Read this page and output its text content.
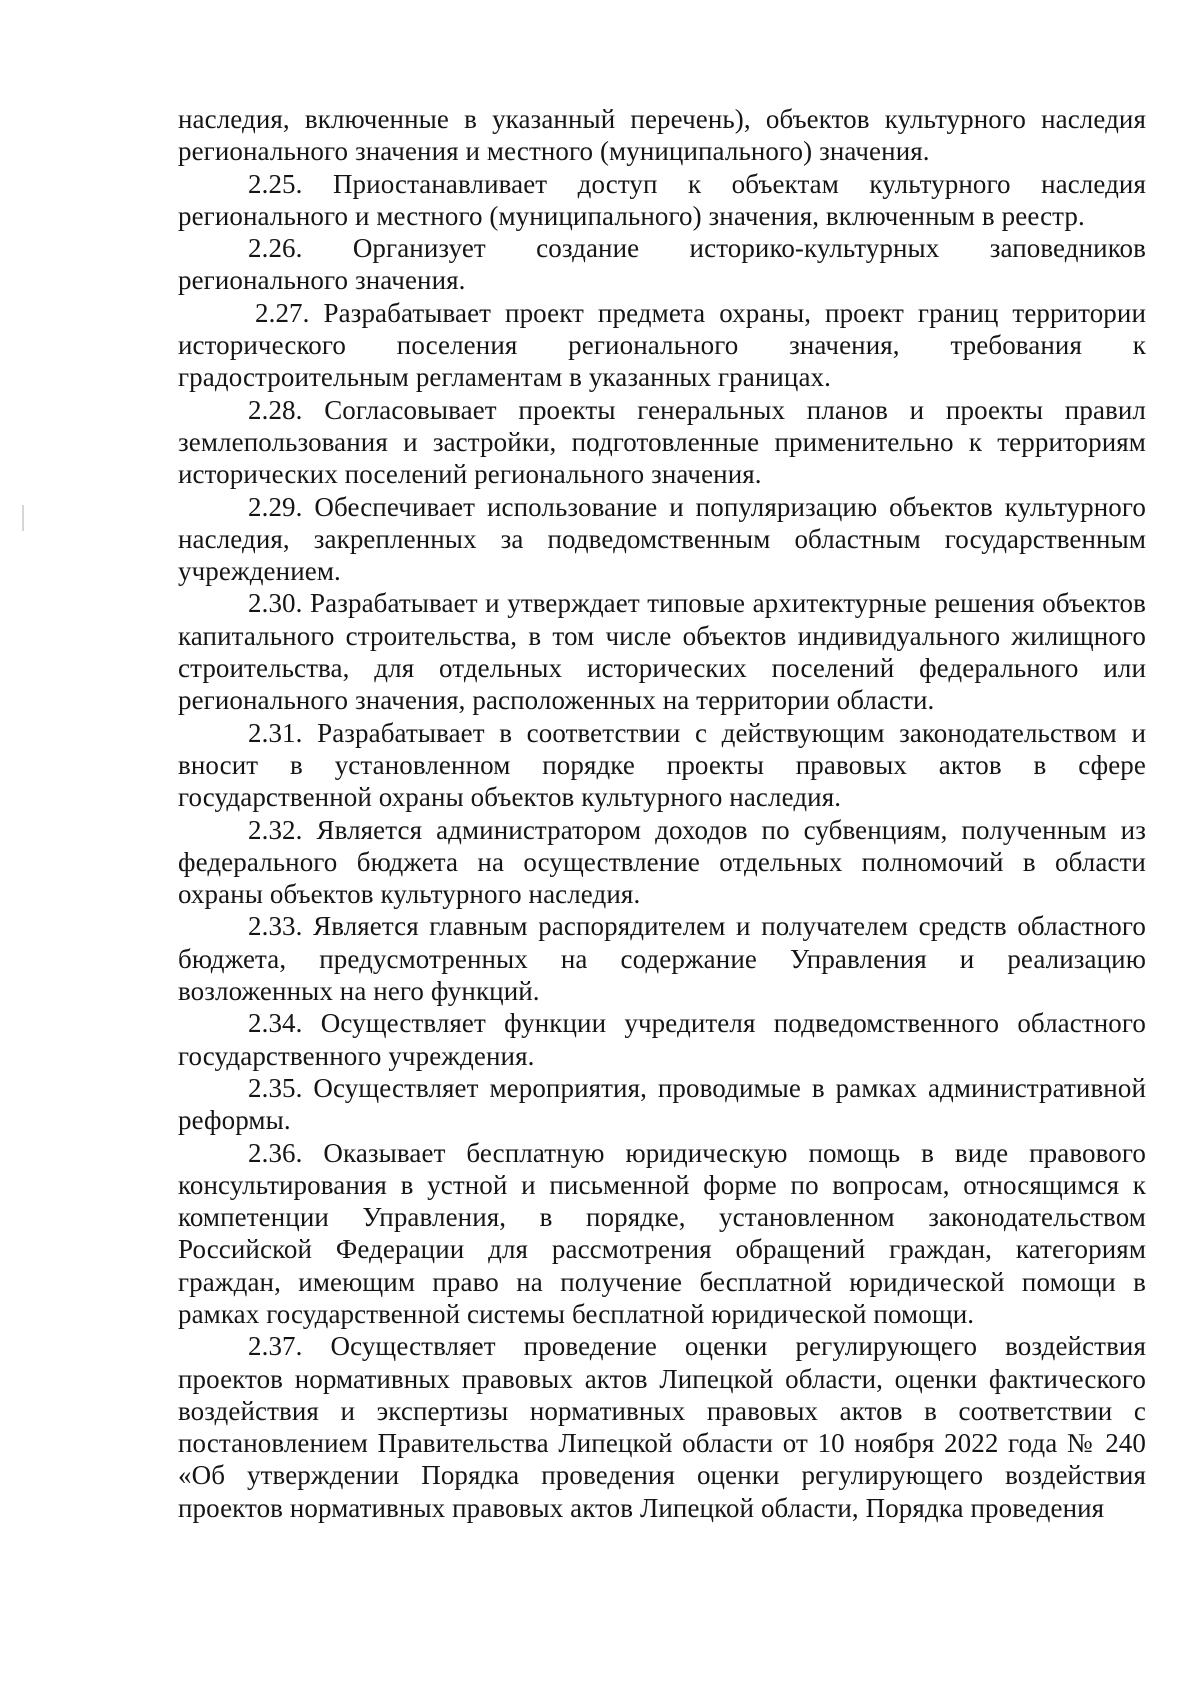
наследия, включенные в указанный перечень), объектов культурного наследия регионального значения и местного (муниципального) значения.

2.25. Приостанавливает доступ к объектам культурного наследия регионального и местного (муниципального) значения, включенным в реестр.

2.26. Организует создание историко-культурных заповедников регионального значения.

2.27. Разрабатывает проект предмета охраны, проект границ территории исторического поселения регионального значения, требования к градостроительным регламентам в указанных границах.

2.28. Согласовывает проекты генеральных планов и проекты правил землепользования и застройки, подготовленные применительно к территориям исторических поселений регионального значения.

2.29. Обеспечивает использование и популяризацию объектов культурного наследия, закрепленных за подведомственным областным государственным учреждением.

2.30. Разрабатывает и утверждает типовые архитектурные решения объектов капитального строительства, в том числе объектов индивидуального жилищного строительства, для отдельных исторических поселений федерального или регионального значения, расположенных на территории области.

2.31. Разрабатывает в соответствии с действующим законодательством и вносит в установленном порядке проекты правовых актов в сфере государственной охраны объектов культурного наследия.

2.32. Является администратором доходов по субвенциям, полученным из федерального бюджета на осуществление отдельных полномочий в области охраны объектов культурного наследия.

2.33. Является главным распорядителем и получателем средств областного бюджета, предусмотренных на содержание Управления и реализацию возложенных на него функций.

2.34. Осуществляет функции учредителя подведомственного областного государственного учреждения.

2.35. Осуществляет мероприятия, проводимые в рамках административной реформы.

2.36. Оказывает бесплатную юридическую помощь в виде правового консультирования в устной и письменной форме по вопросам, относящимся к компетенции Управления, в порядке, установленном законодательством Российской Федерации для рассмотрения обращений граждан, категориям граждан, имеющим право на получение бесплатной юридической помощи в рамках государственной системы бесплатной юридической помощи.

2.37. Осуществляет проведение оценки регулирующего воздействия проектов нормативных правовых актов Липецкой области, оценки фактического воздействия и экспертизы нормативных правовых актов в соответствии с постановлением Правительства Липецкой области от 10 ноября 2022 года № 240 «Об утверждении Порядка проведения оценки регулирующего воздействия проектов нормативных правовых актов Липецкой области, Порядка проведения
